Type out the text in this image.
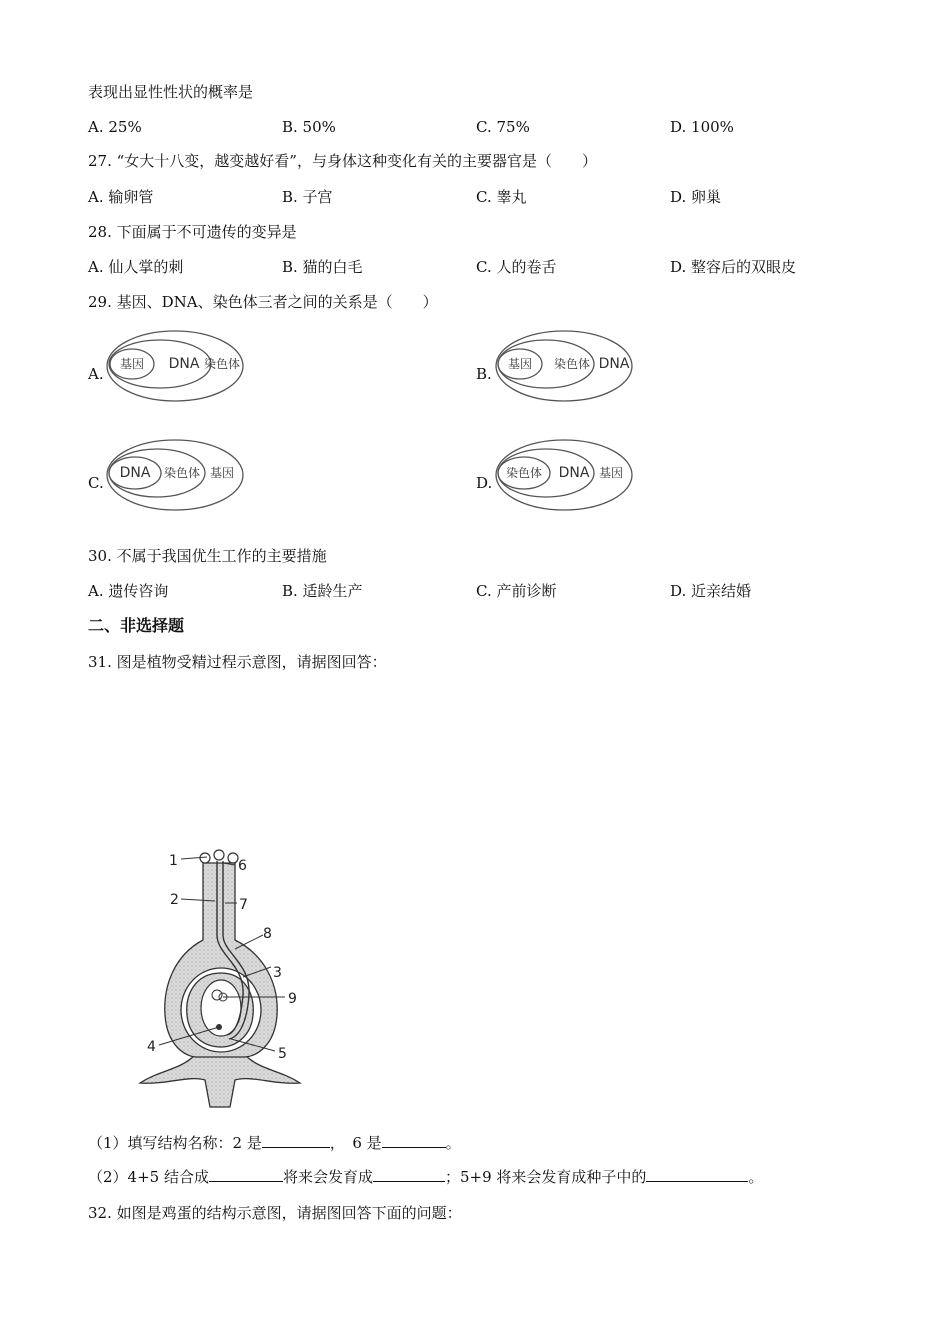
表现出显性性状的概率是
A. 25%	B. 50%	C. 75%	D. 100%
27. “女大十八变，越变越好看”，与身体这种变化有关的主要器官是（　　）
A. 输卵管	B. 子宫	C. 睾丸	D. 卵巢
28. 下面属于不可遗传的变异是
A. 仙人掌的刺	B. 猫的白毛	C. 人的卷舌	D. 整容后的双眼皮
29. 基因、DNA、染色体三者之间的关系是（　　）
A.
基因 DNA 染色体
B.
基因 染色体 DNA
C.
DNA 染色体 基因
D.
染色体 DNA 基因
30. 不属于我国优生工作的主要措施
A. 遗传咨询	B. 适龄生产	C. 产前诊断	D. 近亲结婚
二、非选择题
31. 图是植物受精过程示意图，请据图回答：
1
2
3
4	5
6
7
8
9
（1）填写结构名称：2 是	，　6 是	。
（2）4+5 结合成	将来会发育成	；5+9 将来会发育成种子中的	。
32. 如图是鸡蛋的结构示意图，请据图回答下面的问题：
